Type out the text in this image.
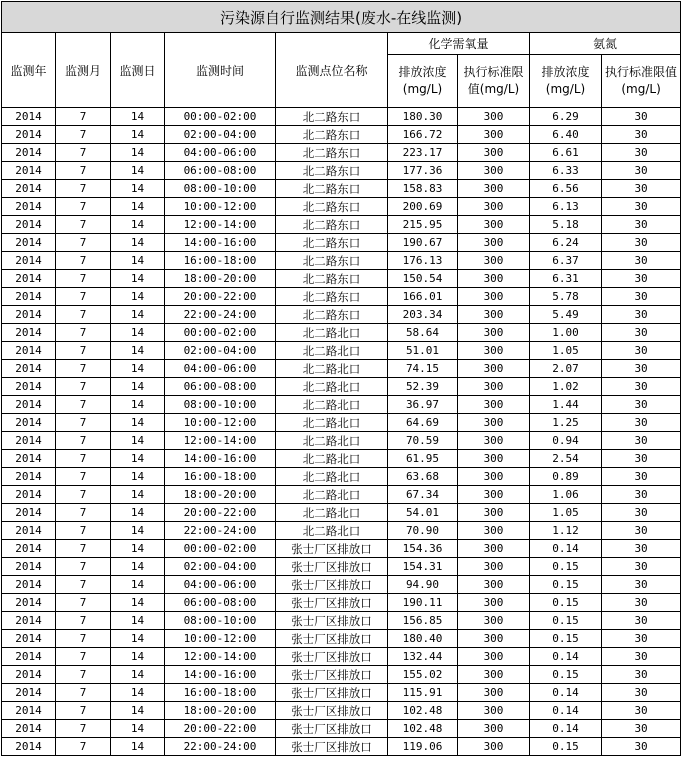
污染源自行监测结果(废水-在线监测)								
监测年	监测月	监测日	监测时间	监测点位名称	化学需氧量		氨氮	
					排放浓度(mg/L)	执行标准限值(mg/L)	排放浓度(mg/L)	执行标准限值(mg/L)
2014	7	14	00:00-02:00	北二路东口	180.30	300	6.29	30
2014	7	14	02:00-04:00	北二路东口	166.72	300	6.40	30
2014	7	14	04:00-06:00	北二路东口	223.17	300	6.61	30
2014	7	14	06:00-08:00	北二路东口	177.36	300	6.33	30
2014	7	14	08:00-10:00	北二路东口	158.83	300	6.56	30
2014	7	14	10:00-12:00	北二路东口	200.69	300	6.13	30
2014	7	14	12:00-14:00	北二路东口	215.95	300	5.18	30
2014	7	14	14:00-16:00	北二路东口	190.67	300	6.24	30
2014	7	14	16:00-18:00	北二路东口	176.13	300	6.37	30
2014	7	14	18:00-20:00	北二路东口	150.54	300	6.31	30
2014	7	14	20:00-22:00	北二路东口	166.01	300	5.78	30
2014	7	14	22:00-24:00	北二路东口	203.34	300	5.49	30
2014	7	14	00:00-02:00	北二路北口	58.64	300	1.00	30
2014	7	14	02:00-04:00	北二路北口	51.01	300	1.05	30
2014	7	14	04:00-06:00	北二路北口	74.15	300	2.07	30
2014	7	14	06:00-08:00	北二路北口	52.39	300	1.02	30
2014	7	14	08:00-10:00	北二路北口	36.97	300	1.44	30
2014	7	14	10:00-12:00	北二路北口	64.69	300	1.25	30
2014	7	14	12:00-14:00	北二路北口	70.59	300	0.94	30
2014	7	14	14:00-16:00	北二路北口	61.95	300	2.54	30
2014	7	14	16:00-18:00	北二路北口	63.68	300	0.89	30
2014	7	14	18:00-20:00	北二路北口	67.34	300	1.06	30
2014	7	14	20:00-22:00	北二路北口	54.01	300	1.05	30
2014	7	14	22:00-24:00	北二路北口	70.90	300	1.12	30
2014	7	14	00:00-02:00	张士厂区排放口	154.36	300	0.14	30
2014	7	14	02:00-04:00	张士厂区排放口	154.31	300	0.15	30
2014	7	14	04:00-06:00	张士厂区排放口	94.90	300	0.15	30
2014	7	14	06:00-08:00	张士厂区排放口	190.11	300	0.15	30
2014	7	14	08:00-10:00	张士厂区排放口	156.85	300	0.15	30
2014	7	14	10:00-12:00	张士厂区排放口	180.40	300	0.15	30
2014	7	14	12:00-14:00	张士厂区排放口	132.44	300	0.14	30
2014	7	14	14:00-16:00	张士厂区排放口	155.02	300	0.15	30
2014	7	14	16:00-18:00	张士厂区排放口	115.91	300	0.14	30
2014	7	14	18:00-20:00	张士厂区排放口	102.48	300	0.14	30
2014	7	14	20:00-22:00	张士厂区排放口	102.48	300	0.14	30
2014	7	14	22:00-24:00	张士厂区排放口	119.06	300	0.15	30
